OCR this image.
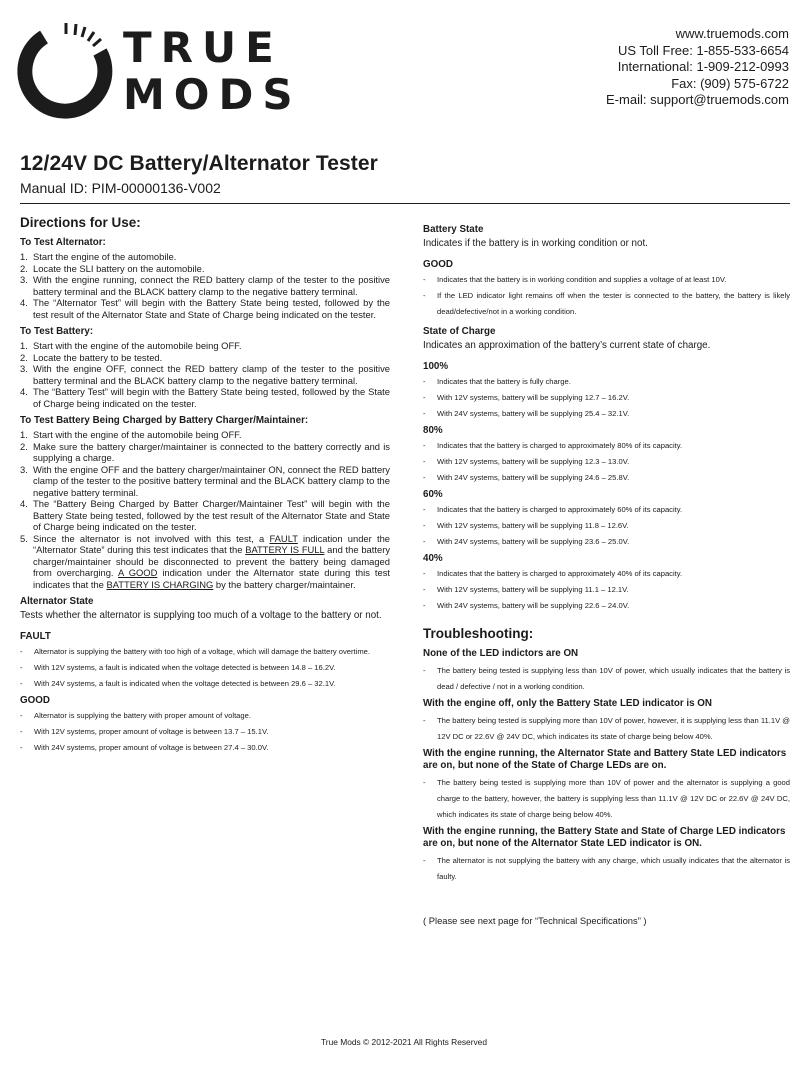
TRUE
MODS
www.truemods.com
US Toll Free: 1-855-533-6654
International: 1-909-212-0993
Fax: (909) 575-6722
E-mail: support@truemods.com
12/24V DC Battery/Alternator Tester
Manual ID: PIM-00000136-V002
Directions for Use:
To Test Alternator:
1. Start the engine of the automobile.
2. Locate the SLI battery on the automobile.
3. With the engine running, connect the RED battery clamp of the tester to the positive battery terminal and the BLACK battery clamp to the negative battery terminal.
4. The “Alternator Test” will begin with the Battery State being tested, followed by the test result of the Alternator State and State of Charge being indicated on the tester.
To Test Battery:
1. Start with the engine of the automobile being OFF.
2. Locate the battery to be tested.
3. With the engine OFF, connect the RED battery clamp of the tester to the positive battery terminal and the BLACK battery clamp to the negative battery terminal.
4. The “Battery Test” will begin with the Battery State being tested, followed by the State of Charge being indicated on the tester.
To Test Battery Being Charged by Battery Charger/Maintainer:
1. Start with the engine of the automobile being OFF.
2. Make sure the battery charger/maintainer is connected to the battery correctly and is supplying a charge.
3. With the engine OFF and the battery charger/maintainer ON, connect the RED battery clamp of the tester to the positive battery terminal and the BLACK battery clamp to the negative battery terminal.
4. The “Battery Being Charged by Batter Charger/Maintainer Test” will begin with the Battery State being tested, followed by the test result of the Alternator State and State of Charge being indicated on the tester.
5. Since the alternator is not involved with this test, a FAULT indication under the “Alternator State” during this test indicates that the BATTERY IS FULL and the battery charger/maintainer should be disconnected to prevent the battery being damaged from overcharging. A GOOD indication under the Alternator state during this test indicates that the BATTERY IS CHARGING by the battery charger/maintainer.
Alternator State

Tests whether the alternator is supplying too much of a voltage to the battery or not.

FAULT
- Alternator is supplying the battery with too high of a voltage, which will damage the battery overtime.
- With 12V systems, a fault is indicated when the voltage detected is between 14.8 – 16.2V.
- With 24V systems, a fault is indicated when the voltage detected is between 29.6 – 32.1V.
GOOD
- Alternator is supplying the battery with proper amount of voltage.
- With 12V systems, proper amount of voltage is between 13.7 – 15.1V.
- With 24V systems, proper amount of voltage is between 27.4 – 30.0V.
Battery State

Indicates if the battery is in working condition or not.

GOOD
- Indicates that the battery is in working condition and supplies a voltage of at least 10V.
- If the LED indicator light remains off when the tester is connected to the battery, the battery is likely dead/defective/not in a working condition.
State of Charge

Indicates an approximation of the battery’s current state of charge.

100%
- Indicates that the battery is fully charge.
- With 12V systems, battery will be supplying 12.7 – 16.2V.
- With 24V systems, battery will be supplying 25.4 – 32.1V.
80%
- Indicates that the battery is charged to approximately 80% of its capacity.
- With 12V systems, battery will be supplying 12.3 – 13.0V.
- With 24V systems, battery will be supplying 24.6 – 25.8V.
60%
- Indicates that the battery is charged to approximately 60% of its capacity.
- With 12V systems, battery will be supplying 11.8 – 12.6V.
- With 24V systems, battery will be supplying 23.6 – 25.0V.
40%
- Indicates that the battery is charged to approximately 40% of its capacity.
- With 12V systems, battery will be supplying 11.1 – 12.1V.
- With 24V systems, battery will be supplying 22.6 – 24.0V.
Troubleshooting:
None of the LED indictors are ON
- The battery being tested is supplying less than 10V of power, which usually indicates that the battery is dead / defective / not in a working condition.
With the engine off, only the Battery State LED indicator is ON
- The battery being tested is supplying more than 10V of power, however, it is supplying less than 11.1V @ 12V DC or 22.6V @ 24V DC, which indicates its state of charge being below 40%.
With the engine running, the Alternator State and Battery State LED indicators are on, but none of the State of Charge LEDs are on.
- The battery being tested is supplying more than 10V of power and the alternator is supplying a good charge to the battery, however, the battery is supplying less than 11.1V @ 12V DC or 22.6V @ 24V DC, which indicates its state of charge being below 40%.
With the engine running, the Battery State and State of Charge LED indicators are on, but none of the Alternator State LED indicator is ON.
- The alternator is not supplying the battery with any charge, which usually indicates that the alternator is faulty.
( Please see next page for “Technical Specifications” )
True Mods © 2012-2021 All Rights Reserved
